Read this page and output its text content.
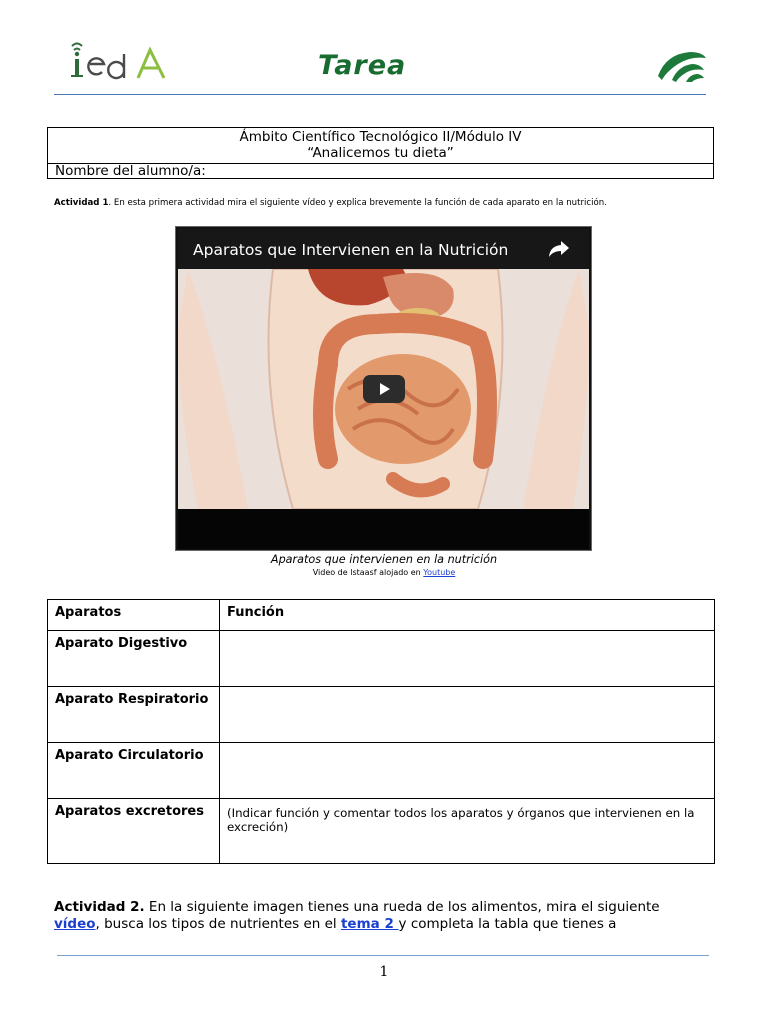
Tarea
Ámbito Científico Tecnológico II/Módulo IV
“Analicemos tu dieta”
Nombre del alumno/a:
Actividad 1. En esta primera actividad mira el siguiente vídeo y explica brevemente la función de cada aparato en la nutrición.
Aparatos que Intervienen en la Nutrición
Aparatos que intervienen en la nutrición
Video de lstaasf alojado en Youtube
Aparatos	Función
Aparato Digestivo	
Aparato Respiratorio	
Aparato Circulatorio	
Aparatos excretores	(Indicar función y comentar todos los aparatos y órganos que intervienen en la excreción)
Actividad 2. En la siguiente imagen tienes una rueda de los alimentos, mira el siguiente vídeo, busca los tipos de nutrientes en el tema 2 y completa la tabla que tienes a
1
